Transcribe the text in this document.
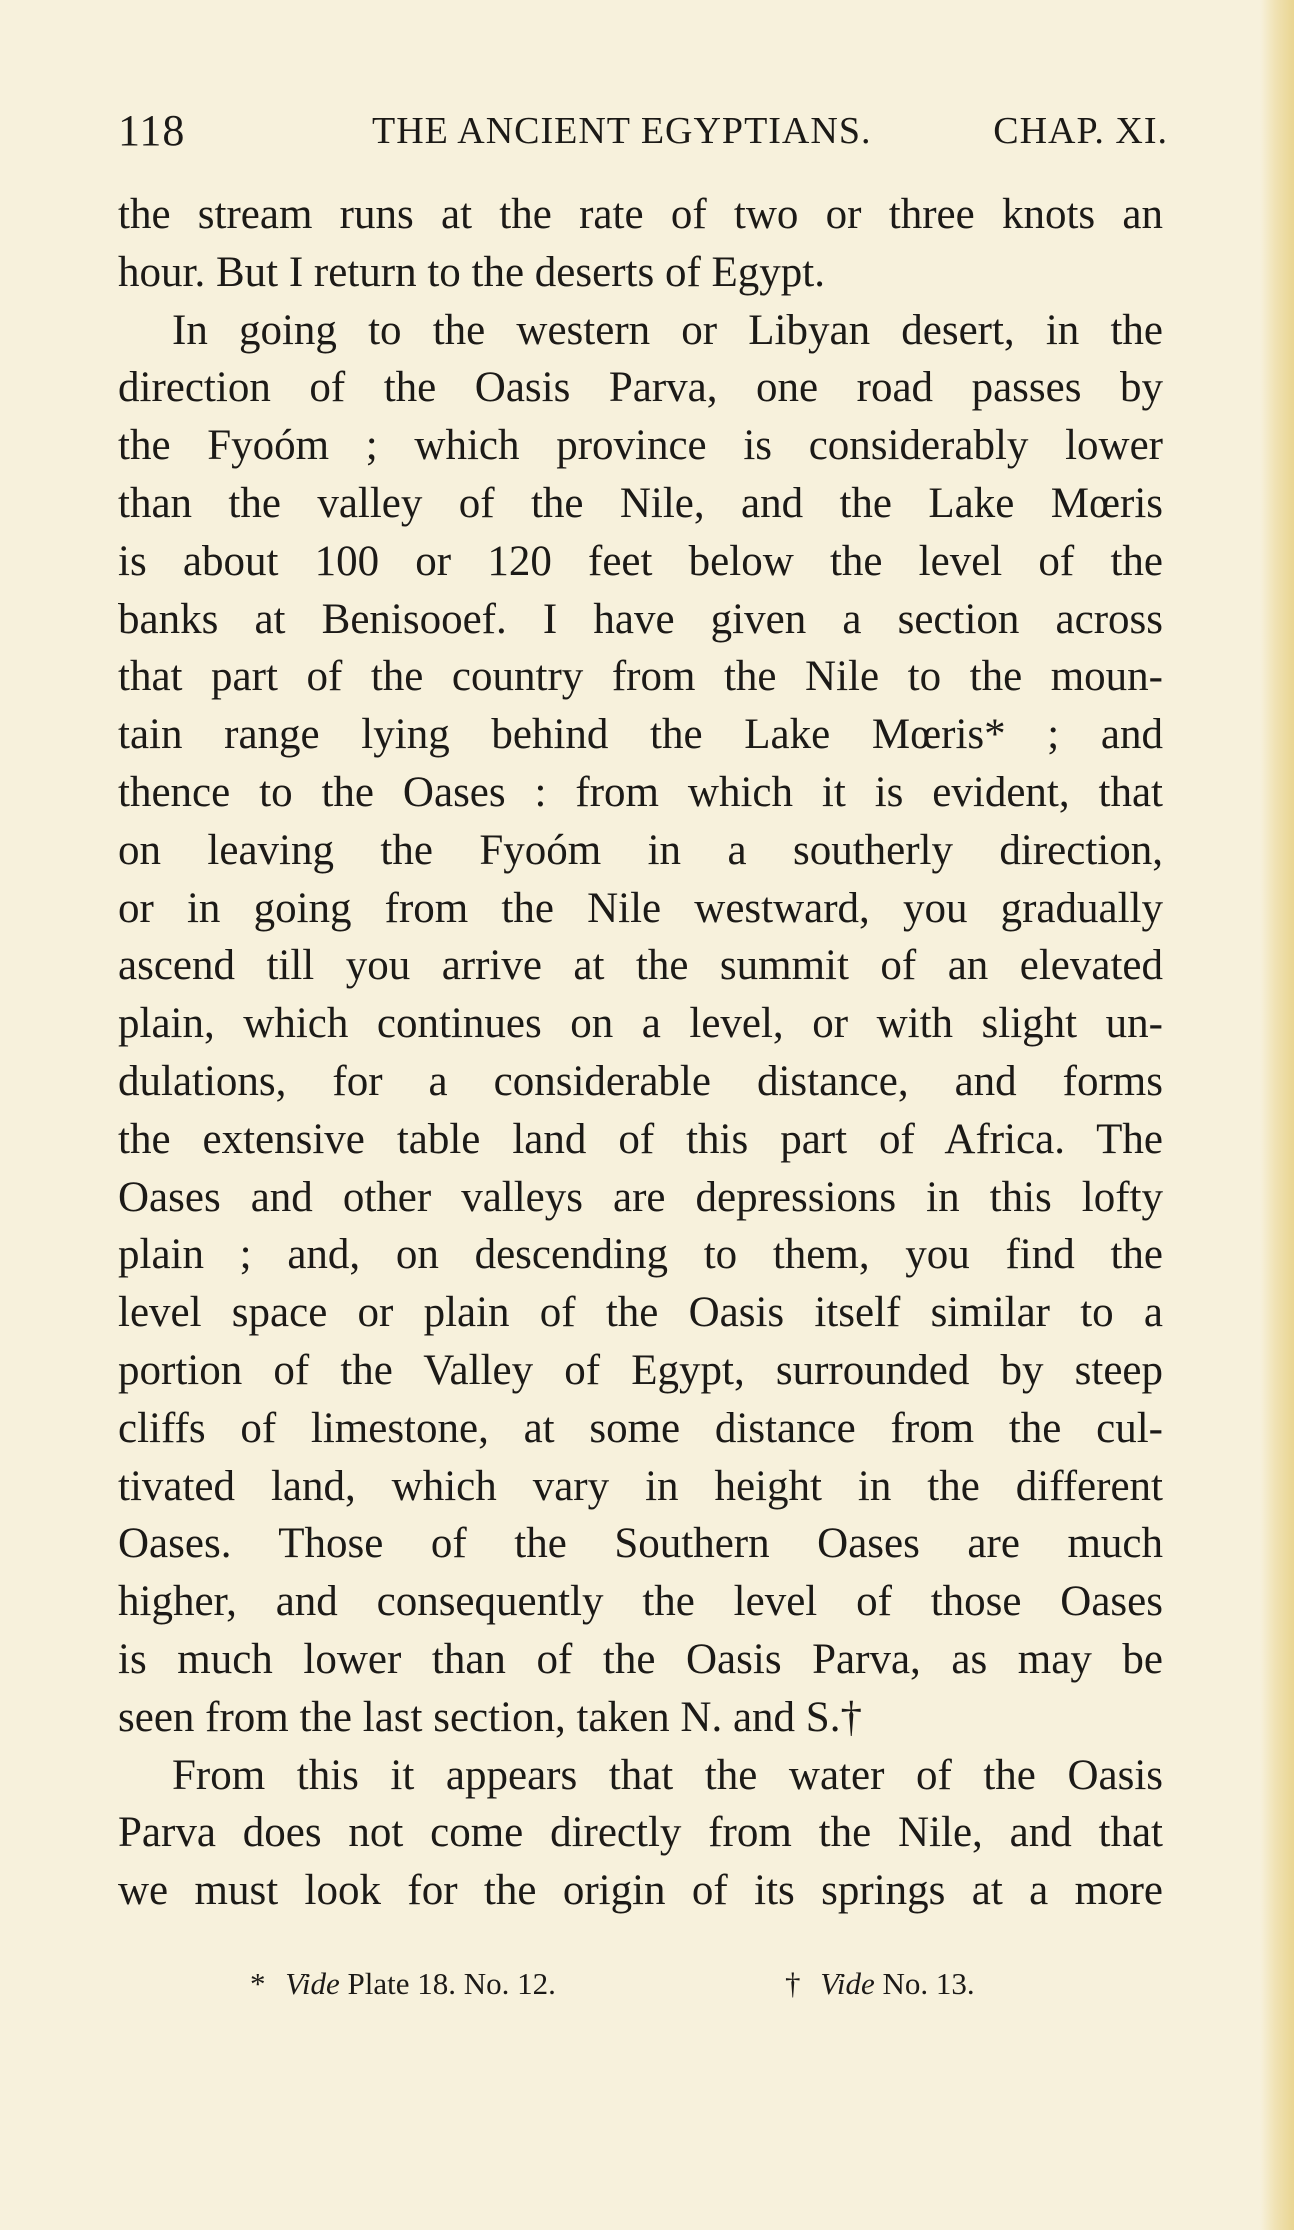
118	THE ANCIENT EGYPTIANS.	CHAP. XI.
the stream runs at the rate of two or three knots an
hour. But I return to the deserts of Egypt.
In going to the western or Libyan desert, in the
direction of the Oasis Parva, one road passes by
the Fyoóm ; which province is considerably lower
than the valley of the Nile, and the Lake Mœris
is about 100 or 120 feet below the level of the
banks at Benisooef. I have given a section across
that part of the country from the Nile to the moun-
tain range lying behind the Lake Mœris* ; and
thence to the Oases : from which it is evident, that
on leaving the Fyoóm in a southerly direction,
or in going from the Nile westward, you gradually
ascend till you arrive at the summit of an elevated
plain, which continues on a level, or with slight un-
dulations, for a considerable distance, and forms
the extensive table land of this part of Africa. The
Oases and other valleys are depressions in this lofty
plain ; and, on descending to them, you find the
level space or plain of the Oasis itself similar to a
portion of the Valley of Egypt, surrounded by steep
cliffs of limestone, at some distance from the cul-
tivated land, which vary in height in the different
Oases. Those of the Southern Oases are much
higher, and consequently the level of those Oases
is much lower than of the Oasis Parva, as may be
seen from the last section, taken N. and S.†
From this it appears that the water of the Oasis
Parva does not come directly from the Nile, and that
we must look for the origin of its springs at a more
* Vide Plate 18. No. 12.	† Vide No. 13.
